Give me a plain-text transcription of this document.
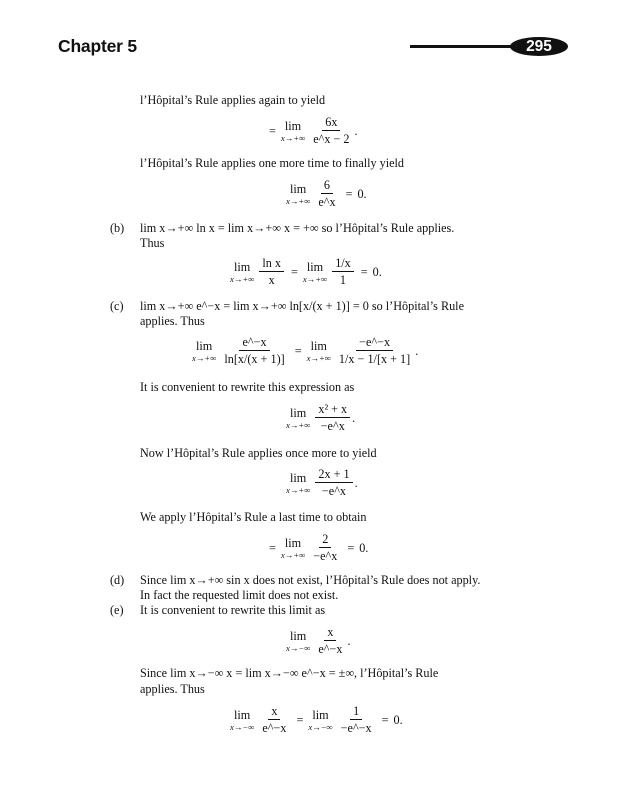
Chapter 5	295
l’Hôpital’s Rule applies again to yield
= lim
$x\to+\infty \frac{6x}{e\^{}x - 2}$ .
l’Hôpital’s Rule applies one more time to finally yield
lim
$x\to+\infty \frac{6}{e\^{}x} = 0$ .
(b) lim x→+∞ ln x = lim x→+∞ x = +∞ so l’Hôpital’s Rule applies.
Thus
lim
$x\to+\infty \frac{\text{ln x}}{x} = \lim$
$x\to+\infty \frac{1/x}{1} = 0$ .
(c) lim x→+∞ e^−x = lim x→+∞ ln[x/(x + 1)] = 0 so l’Hôpital’s Rule
applies. Thus
lim
$x\to+\infty \frac{e\^{}-x}{\ln[x/(x + 1)]} = \lim$
$x\to+\infty \frac{-e\^{}-x}{1/x - 1/[x + 1]}$ .
It is convenient to rewrite this expression as
lim
$x\to+\infty \frac{\text{x² + x}}{-e\^{}x}$ .
Now l’Hôpital’s Rule applies once more to yield
lim
$x\to+\infty \frac{2x + 1}{-e\^{}x}$ .
We apply l’Hôpital’s Rule a last time to obtain
= lim
$x\to+\infty \frac{2}{-e\^{}x} = 0$ .
(d) Since lim x→+∞ sin x does not exist, l’Hôpital’s Rule does not apply.
In fact the requested limit does not exist.
(e) It is convenient to rewrite this limit as
lim
$x\to-\infty \frac{x}{e\^{}-x}$ .
Since lim x→−∞ x = lim x→−∞ e^−x = ±∞, l’Hôpital’s Rule
applies. Thus
lim
$x\to-\infty \frac{x}{e\^{}-x} = \lim$
$x\to-\infty \frac{1}{-e\^{}-x} = 0$ .
